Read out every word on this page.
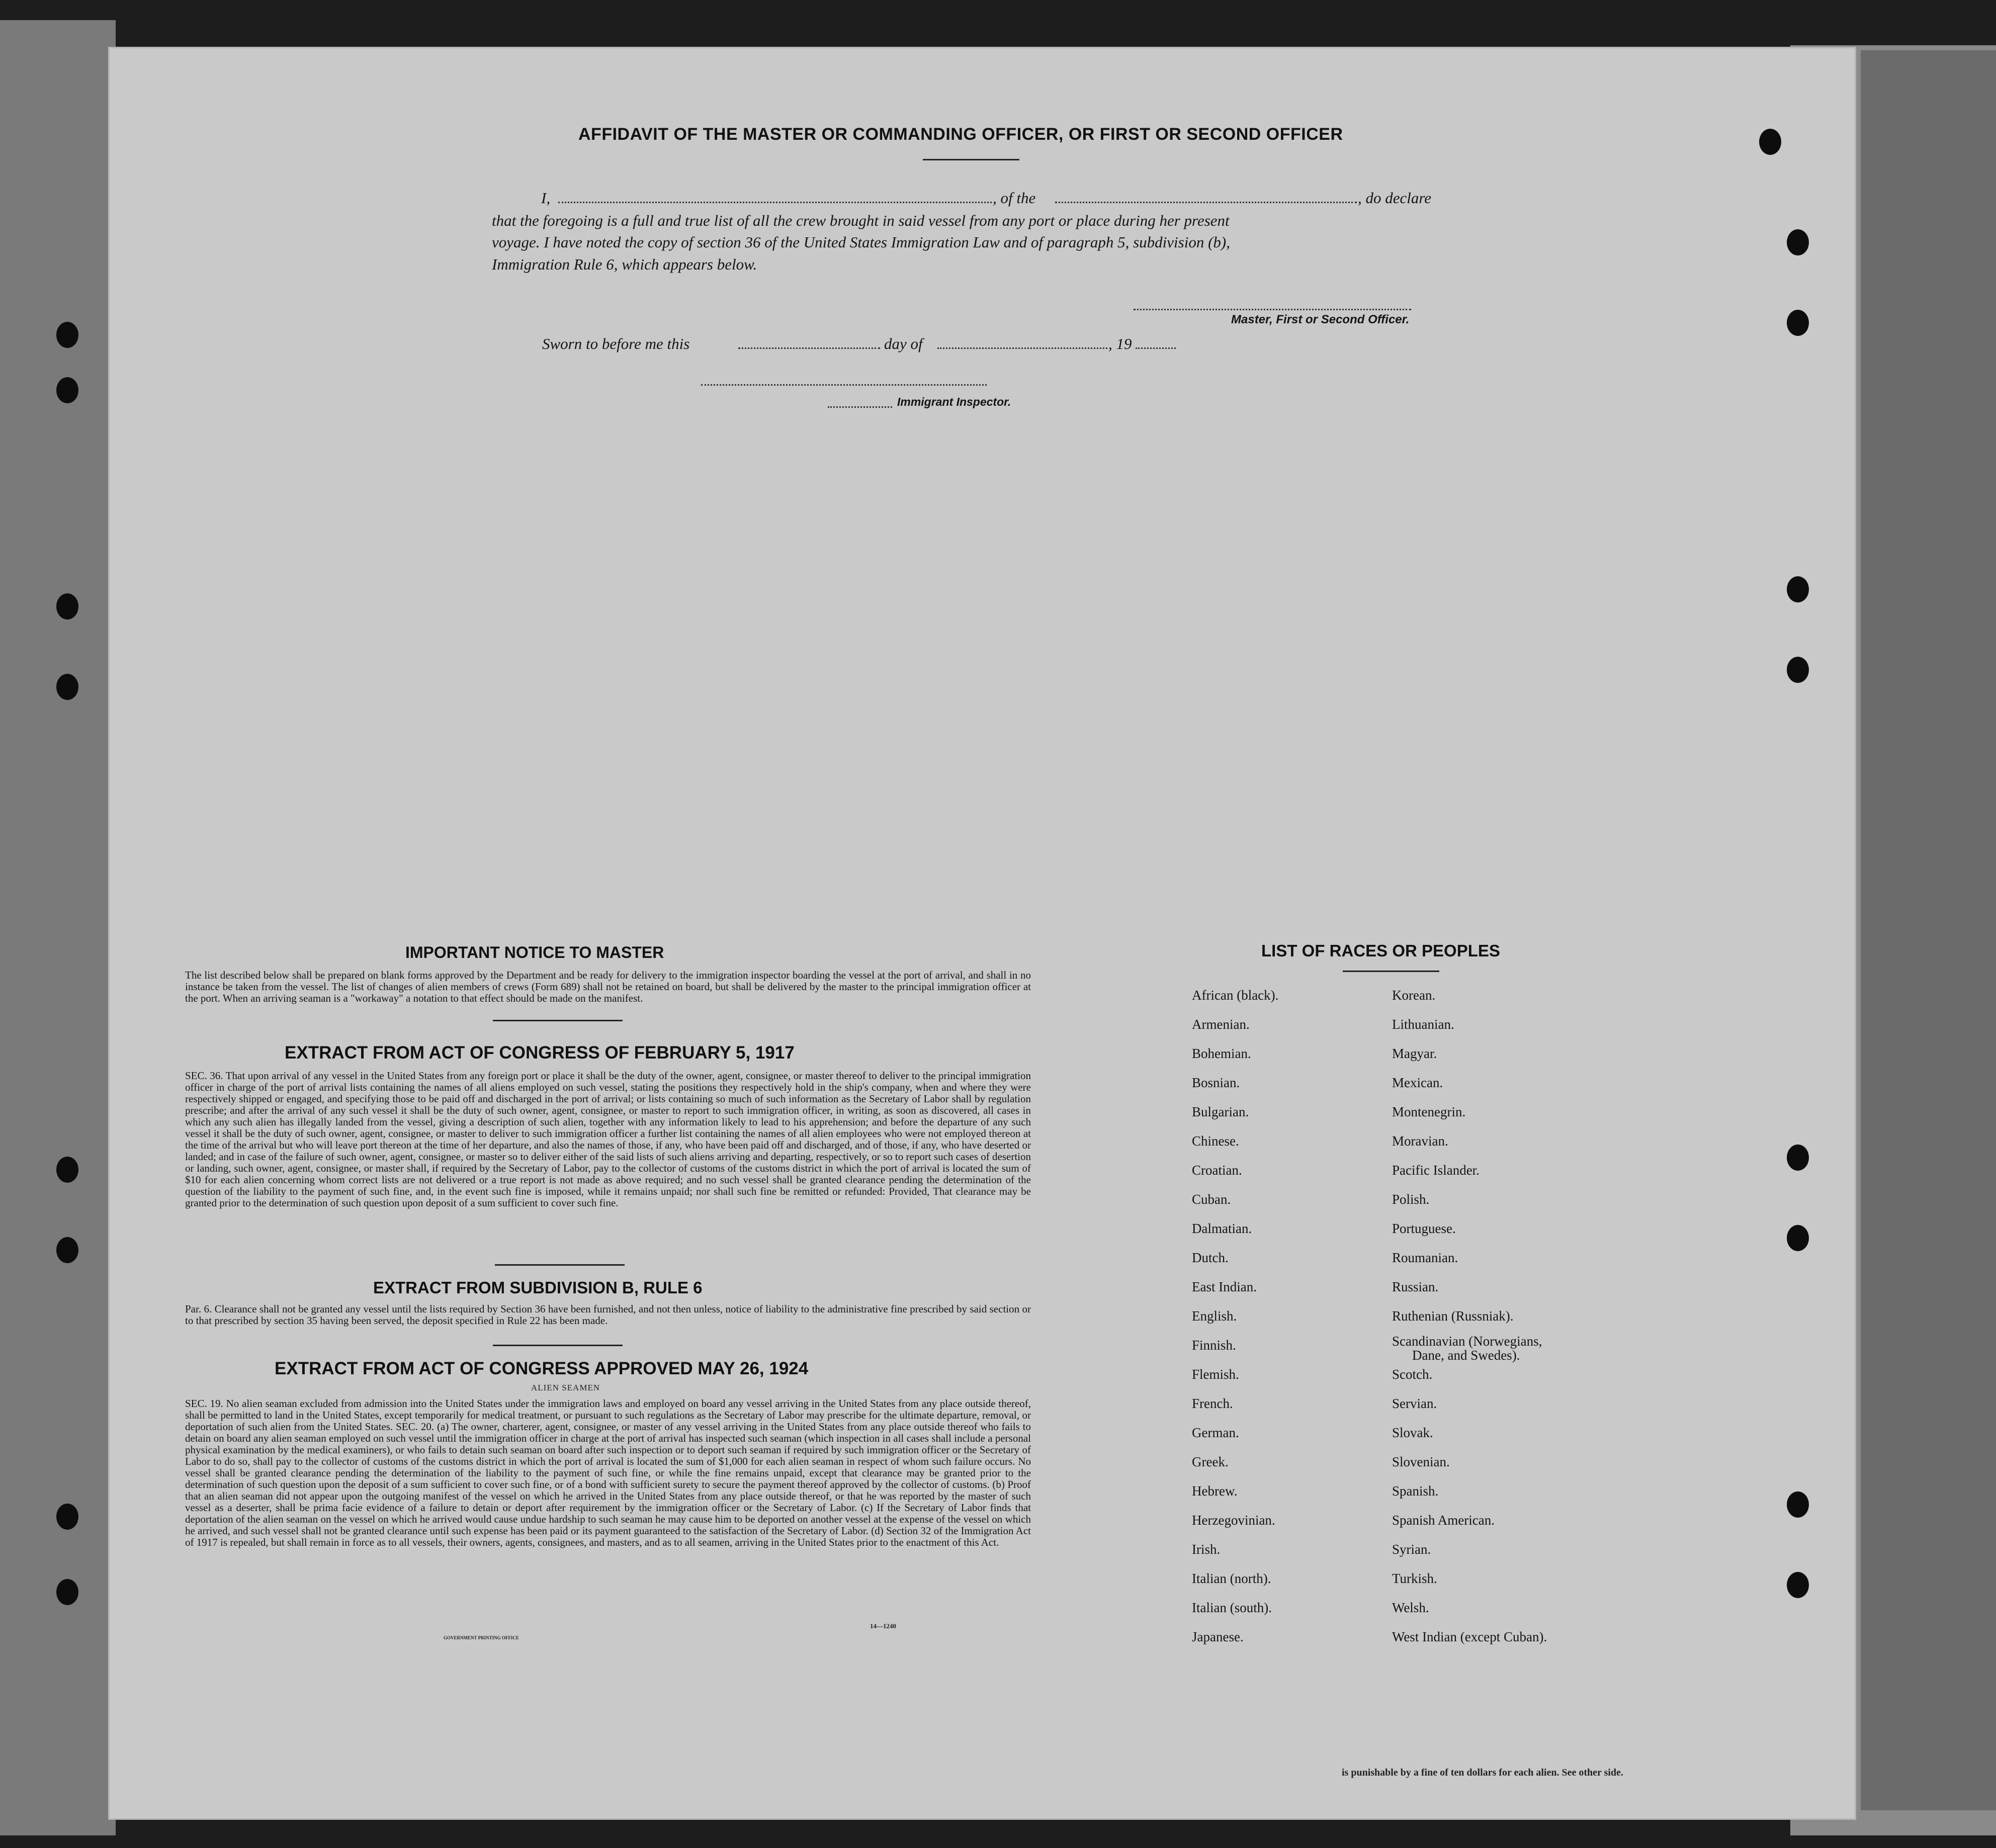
AFFIDAVIT OF THE MASTER OR COMMANDING OFFICER, OR FIRST OR SECOND OFFICER
I,	, of the	, do declare
that the foregoing is a full and true list of all the crew brought in said vessel from any port or place during her present
voyage. I have noted the copy of section 36 of the United States Immigration Law and of paragraph 5, subdivision (b),
Immigration Rule 6, which appears below.
Master, First or Second Officer.
Sworn to before me this	day of	, 19
Immigrant Inspector.
IMPORTANT NOTICE TO MASTER
The list described below shall be prepared on blank forms approved by the Department and be ready for delivery to the immigration inspector boarding the vessel at the port of arrival, and shall in no instance be taken from the vessel. The list of changes of alien members of crews (Form 689) shall not be retained on board, but shall be delivered by the master to the principal immigration officer at the port. When an arriving seaman is a "workaway" a notation to that effect should be made on the manifest.
EXTRACT FROM ACT OF CONGRESS OF FEBRUARY 5, 1917
SEC. 36. That upon arrival of any vessel in the United States from any foreign port or place it shall be the duty of the owner, agent, consignee, or master thereof to deliver to the principal immigration officer in charge of the port of arrival lists containing the names of all aliens employed on such vessel, stating the positions they respectively hold in the ship's company, when and where they were respectively shipped or engaged, and specifying those to be paid off and discharged in the port of arrival; or lists containing so much of such information as the Secretary of Labor shall by regulation prescribe; and after the arrival of any such vessel it shall be the duty of such owner, agent, consignee, or master to report to such immigration officer, in writing, as soon as discovered, all cases in which any such alien has illegally landed from the vessel, giving a description of such alien, together with any information likely to lead to his apprehension; and before the departure of any such vessel it shall be the duty of such owner, agent, consignee, or master to deliver to such immigration officer a further list containing the names of all alien employees who were not employed thereon at the time of the arrival but who will leave port thereon at the time of her departure, and also the names of those, if any, who have been paid off and discharged, and of those, if any, who have deserted or landed; and in case of the failure of such owner, agent, consignee, or master so to deliver either of the said lists of such aliens arriving and departing, respectively, or so to report such cases of desertion or landing, such owner, agent, consignee, or master shall, if required by the Secretary of Labor, pay to the collector of customs of the customs district in which the port of arrival is located the sum of $10 for each alien concerning whom correct lists are not delivered or a true report is not made as above required; and no such vessel shall be granted clearance pending the determination of the question of the liability to the payment of such fine, and, in the event such fine is imposed, while it remains unpaid; nor shall such fine be remitted or refunded: Provided, That clearance may be granted prior to the determination of such question upon deposit of a sum sufficient to cover such fine.
EXTRACT FROM SUBDIVISION B, RULE 6
Par. 6. Clearance shall not be granted any vessel until the lists required by Section 36 have been furnished, and not then unless, notice of liability to the administrative fine prescribed by said section or to that prescribed by section 35 having been served, the deposit specified in Rule 22 has been made.
EXTRACT FROM ACT OF CONGRESS APPROVED MAY 26, 1924
ALIEN SEAMEN
SEC. 19. No alien seaman excluded from admission into the United States under the immigration laws and employed on board any vessel arriving in the United States from any place outside thereof, shall be permitted to land in the United States, except temporarily for medical treatment, or pursuant to such regulations as the Secretary of Labor may prescribe for the ultimate departure, removal, or deportation of such alien from the United States. SEC. 20. (a) The owner, charterer, agent, consignee, or master of any vessel arriving in the United States from any place outside thereof who fails to detain on board any alien seaman employed on such vessel until the immigration officer in charge at the port of arrival has inspected such seaman (which inspection in all cases shall include a personal physical examination by the medical examiners), or who fails to detain such seaman on board after such inspection or to deport such seaman if required by such immigration officer or the Secretary of Labor to do so, shall pay to the collector of customs of the customs district in which the port of arrival is located the sum of $1,000 for each alien seaman in respect of whom such failure occurs. No vessel shall be granted clearance pending the determination of the liability to the payment of such fine, or while the fine remains unpaid, except that clearance may be granted prior to the determination of such question upon the deposit of a sum sufficient to cover such fine, or of a bond with sufficient surety to secure the payment thereof approved by the collector of customs. (b) Proof that an alien seaman did not appear upon the outgoing manifest of the vessel on which he arrived in the United States from any place outside thereof, or that he was reported by the master of such vessel as a deserter, shall be prima facie evidence of a failure to detain or deport after requirement by the immigration officer or the Secretary of Labor. (c) If the Secretary of Labor finds that deportation of the alien seaman on the vessel on which he arrived would cause undue hardship to such seaman he may cause him to be deported on another vessel at the expense of the vessel on which he arrived, and such vessel shall not be granted clearance until such expense has been paid or its payment guaranteed to the satisfaction of the Secretary of Labor. (d) Section 32 of the Immigration Act of 1917 is repealed, but shall remain in force as to all vessels, their owners, agents, consignees, and masters, and as to all seamen, arriving in the United States prior to the enactment of this Act.
14—1240
GOVERNMENT PRINTING OFFICE
LIST OF RACES OR PEOPLES
African (black).
Armenian.
Bohemian.
Bosnian.
Bulgarian.
Chinese.
Croatian.
Cuban.
Dalmatian.
Dutch.
East Indian.
English.
Finnish.
Flemish.
French.
German.
Greek.
Hebrew.
Herzegovinian.
Irish.
Italian (north).
Italian (south).
Japanese.
Korean.
Lithuanian.
Magyar.
Mexican.
Montenegrin.
Moravian.
Pacific Islander.
Polish.
Portuguese.
Roumanian.
Russian.
Ruthenian (Russniak).
Scandinavian (Norwegians,
Dane, and Swedes).
Scotch.
Servian.
Slovak.
Slovenian.
Spanish.
Spanish American.
Syrian.
Turkish.
Welsh.
West Indian (except Cuban).
is punishable by a fine of ten dollars for each alien. See other side.
